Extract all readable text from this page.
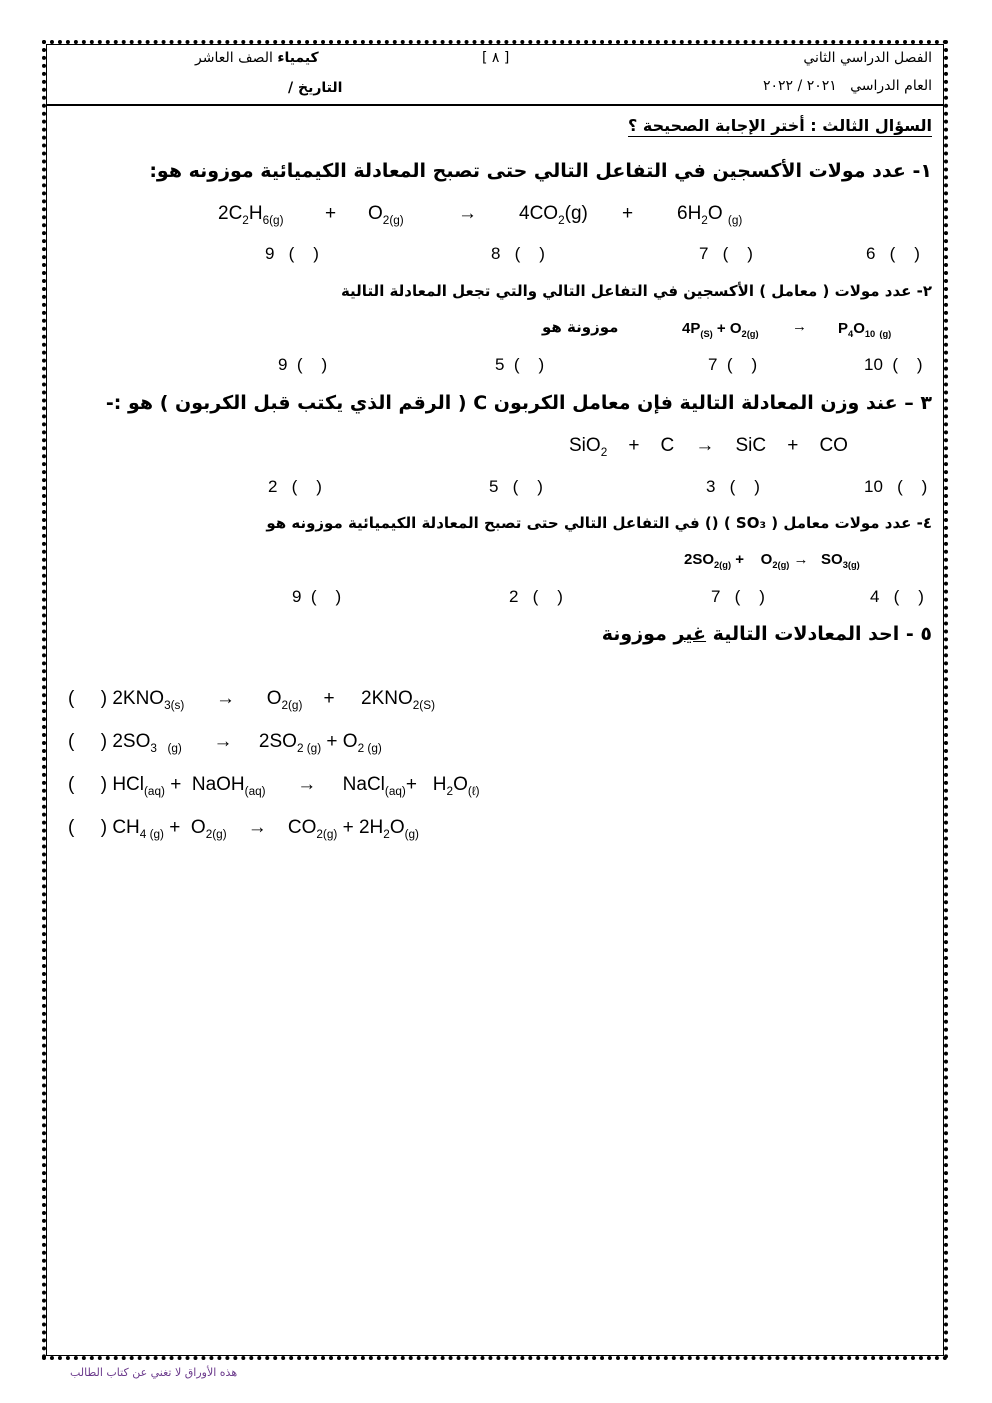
الفصل الدراسي الثاني
[ ٨ ]
كيمياء الصف العاشر
العام الدراسي   ٢٠٢١ / ٢٠٢٢
التاريخ /
السؤال الثالث : أختر الإجابة الصحيحة ؟
١- عدد مولات الأكسجين في التفاعل التالي حتى تصبح المعادلة الكيميائية موزونه هو:
$2C_2H_{6(g)} + O_{2(g)}$	→ $4CO_2(g) + 6H_2O$ $_{(g)}$
9   (    )	8   (    )	7   (    )	6   (    )
٢- عدد مولات ( معامل ) الأكسجين في التفاعل التالي والتي تجعل المعادلة التالية
موزونة هو	$4P_{(S)} + O_{2(g)} \to P_4O_{10}$ $_{(g)}$
9  (    )	5  (    )	7  (    )	10  (    )
٣ – عند وزن المعادلة التالية فإن معامل الكربون C ( الرقم الذي يكتب قبل الكربون ) هو :-
SiO$_2$    +    C    →    SiC    +    CO
2   (    )	5   (    )	3   (    )	10   (    )
٤- عدد مولات معامل ( SO₃ ) () في التفاعل التالي حتى تصبح المعادلة الكيميائية موزونه هو
$2SO_{2(g)}$ +    $O_{2(g)} \to SO_{3(g)}$
9  (    )	2   (    )	7   (    )	4   (    )
٥ - احد المعادلات التالية غير موزونة
(     ) $2KNO_{3(s)}$      →      $O_{2(g)}$    +     $2KNO_{2(S)}$
(     ) $2SO_3$ $_{(g)}$      →     $2SO_{2 (g)} + O_{2 (g)}$
(     ) HCl$_{(aq)}$ +  NaOH$_{(aq)}$      →     NaCl$_{(aq)}$+   $H_2O_{(\ell)}$
(     ) $CH_{4 (g)} + O_{2(g)}$    →    $CO_{2(g)} + 2H_2O_{(g)}$
هذه الأوراق لا تغني عن كتاب الطالب
